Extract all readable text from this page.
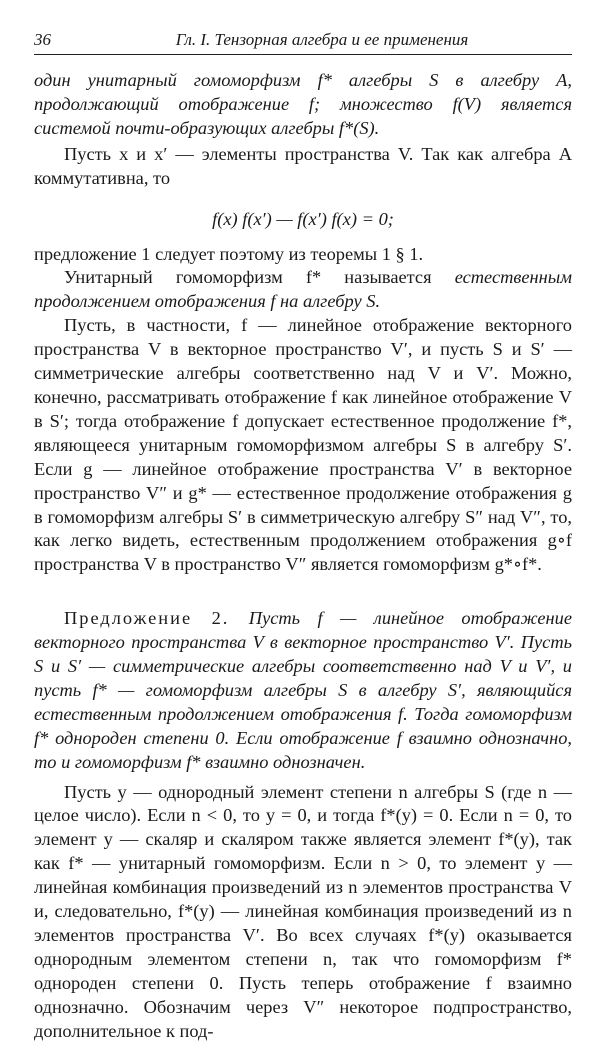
36	Гл. I. Тензорная алгебра и ее применения

один унитарный гомоморфизм f* алгебры S в алгебру A, продолжающий отображение f; множество f(V) является системой почти-образующих алгебры f*(S).

Пусть x и x′ — элементы пространства V. Так как алгебра A коммутативна, то

f(x) f(x′) — f(x′) f(x) = 0;

предложение 1 следует поэтому из теоремы 1 § 1.

Унитарный гомоморфизм f* называется естественным продолжением отображения f на алгебру S.

Пусть, в частности, f — линейное отображение векторного пространства V в векторное пространство V′, и пусть S и S′ — симметрические алгебры соответственно над V и V′. Можно, конечно, рассматривать отображение f как линейное отображение V в S′; тогда отображение f допускает естественное продолжение f*, являющееся унитарным гомоморфизмом алгебры S в алгебру S′. Если g — линейное отображение пространства V′ в векторное пространство V″ и g* — естественное продолжение отображения g в гомоморфизм алгебры S′ в симметрическую алгебру S″ над V″, то, как легко видеть, естественным продолжением отображения g∘f пространства V в пространство V″ является гомоморфизм g*∘f*.

Предложение 2. Пусть f — линейное отображение векторного пространства V в векторное пространство V′. Пусть S и S′ — симметрические алгебры соответственно над V и V′, и пусть f* — гомоморфизм алгебры S в алгебру S′, являющийся естественным продолжением отображения f. Тогда гомоморфизм f* однороден степени 0. Если отображение f взаимно однозначно, то и гомоморфизм f* взаимно однозначен.

Пусть y — однородный элемент степени n алгебры S (где n — целое число). Если n < 0, то y = 0, и тогда f*(y) = 0. Если n = 0, то элемент y — скаляр и скаляром также является элемент f*(y), так как f* — унитарный гомоморфизм. Если n > 0, то элемент y — линейная комбинация произведений из n элементов пространства V и, следовательно, f*(y) — линейная комбинация произведений из n элементов пространства V′. Во всех случаях f*(y) оказывается однородным элементом степени n, так что гомоморфизм f* однороден степени 0. Пусть теперь отображение f взаимно однозначно. Обозначим через V″ некоторое подпространство, дополнительное к под-
